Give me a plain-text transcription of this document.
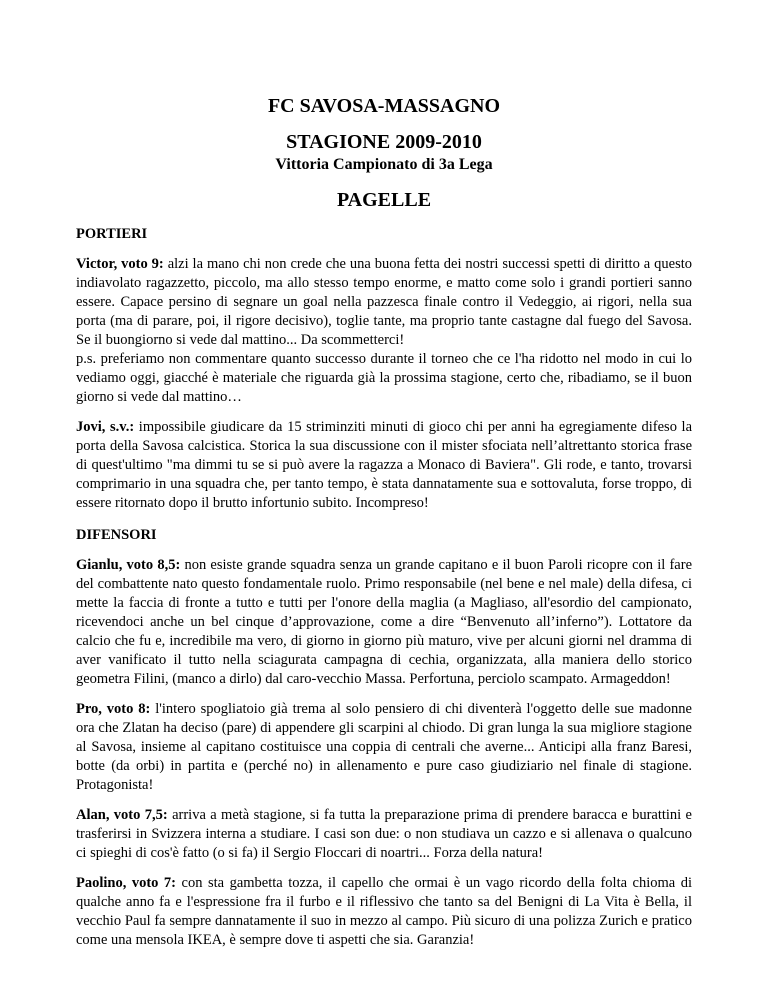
FC SAVOSA-MASSAGNO
STAGIONE 2009-2010
Vittoria Campionato di 3a Lega
PAGELLE
PORTIERI

Victor, voto 9: alzi la mano chi non crede che una buona fetta dei nostri successi spetti di diritto a questo indiavolato ragazzetto, piccolo, ma allo stesso tempo enorme, e matto come solo i grandi portieri sanno essere. Capace persino di segnare un goal nella pazzesca finale contro il Vedeggio, ai rigori, nella sua porta (ma di parare, poi, il rigore decisivo), toglie tante, ma proprio tante castagne dal fuego del Savosa. Se il buongiorno si vede dal mattino... Da scommetterci!
p.s. preferiamo non commentare quanto successo durante il torneo che ce l'ha ridotto nel modo in cui lo vediamo oggi, giacché è materiale che riguarda già la prossima stagione, certo che, ribadiamo, se il buon giorno si vede dal mattino…

Jovi, s.v.: impossibile giudicare da 15 striminziti minuti di gioco chi per anni ha egregiamente difeso la porta della Savosa calcistica. Storica la sua discussione con il mister sfociata nell’altrettanto storica frase di quest'ultimo "ma dimmi tu se si può avere la ragazza a Monaco di Baviera". Gli rode, e tanto, trovarsi comprimario in una squadra che, per tanto tempo, è stata dannatamente sua e sottovaluta, forse troppo, di essere ritornato dopo il brutto infortunio subito. Incompreso!

DIFENSORI

Gianlu, voto 8,5: non esiste grande squadra senza un grande capitano e il buon Paroli ricopre con il fare del combattente nato questo fondamentale ruolo. Primo responsabile (nel bene e nel male) della difesa, ci mette la faccia di fronte a tutto e tutti per l'onore della maglia (a Magliaso, all'esordio del campionato, ricevendoci anche un bel cinque d’approvazione, come a dire “Benvenuto all’inferno”). Lottatore da calcio che fu e, incredibile ma vero, di giorno in giorno più maturo, vive per alcuni giorni nel dramma di aver vanificato il tutto nella sciagurata campagna di cechia, organizzata, alla maniera dello storico geometra Filini, (manco a dirlo) dal caro-vecchio Massa. Perfortuna, perciolo scampato. Armageddon!

Pro, voto 8: l'intero spogliatoio già trema al solo pensiero di chi diventerà l'oggetto delle sue madonne ora che Zlatan ha deciso (pare) di appendere gli scarpini al chiodo. Di gran lunga la sua migliore stagione al Savosa, insieme al capitano costituisce una coppia di centrali che averne... Anticipi alla franz Baresi, botte (da orbi) in partita e (perché no) in allenamento e pure caso giudiziario nel finale di stagione. Protagonista!

Alan, voto 7,5: arriva a metà stagione, si fa tutta la preparazione prima di prendere baracca e burattini e trasferirsi in Svizzera interna a studiare. I casi son due: o non studiava un cazzo e si allenava o qualcuno ci spieghi di cos'è fatto (o si fa) il Sergio Floccari di noartri... Forza della natura!

Paolino, voto 7: con sta gambetta tozza, il capello che ormai è un vago ricordo della folta chioma di qualche anno fa e l'espressione fra il furbo e il riflessivo che tanto sa del Benigni di La Vita è Bella, il vecchio Paul fa sempre dannatamente il suo in mezzo al campo. Più sicuro di una polizza Zurich e pratico come una mensola IKEA, è sempre dove ti aspetti che sia. Garanzia!
